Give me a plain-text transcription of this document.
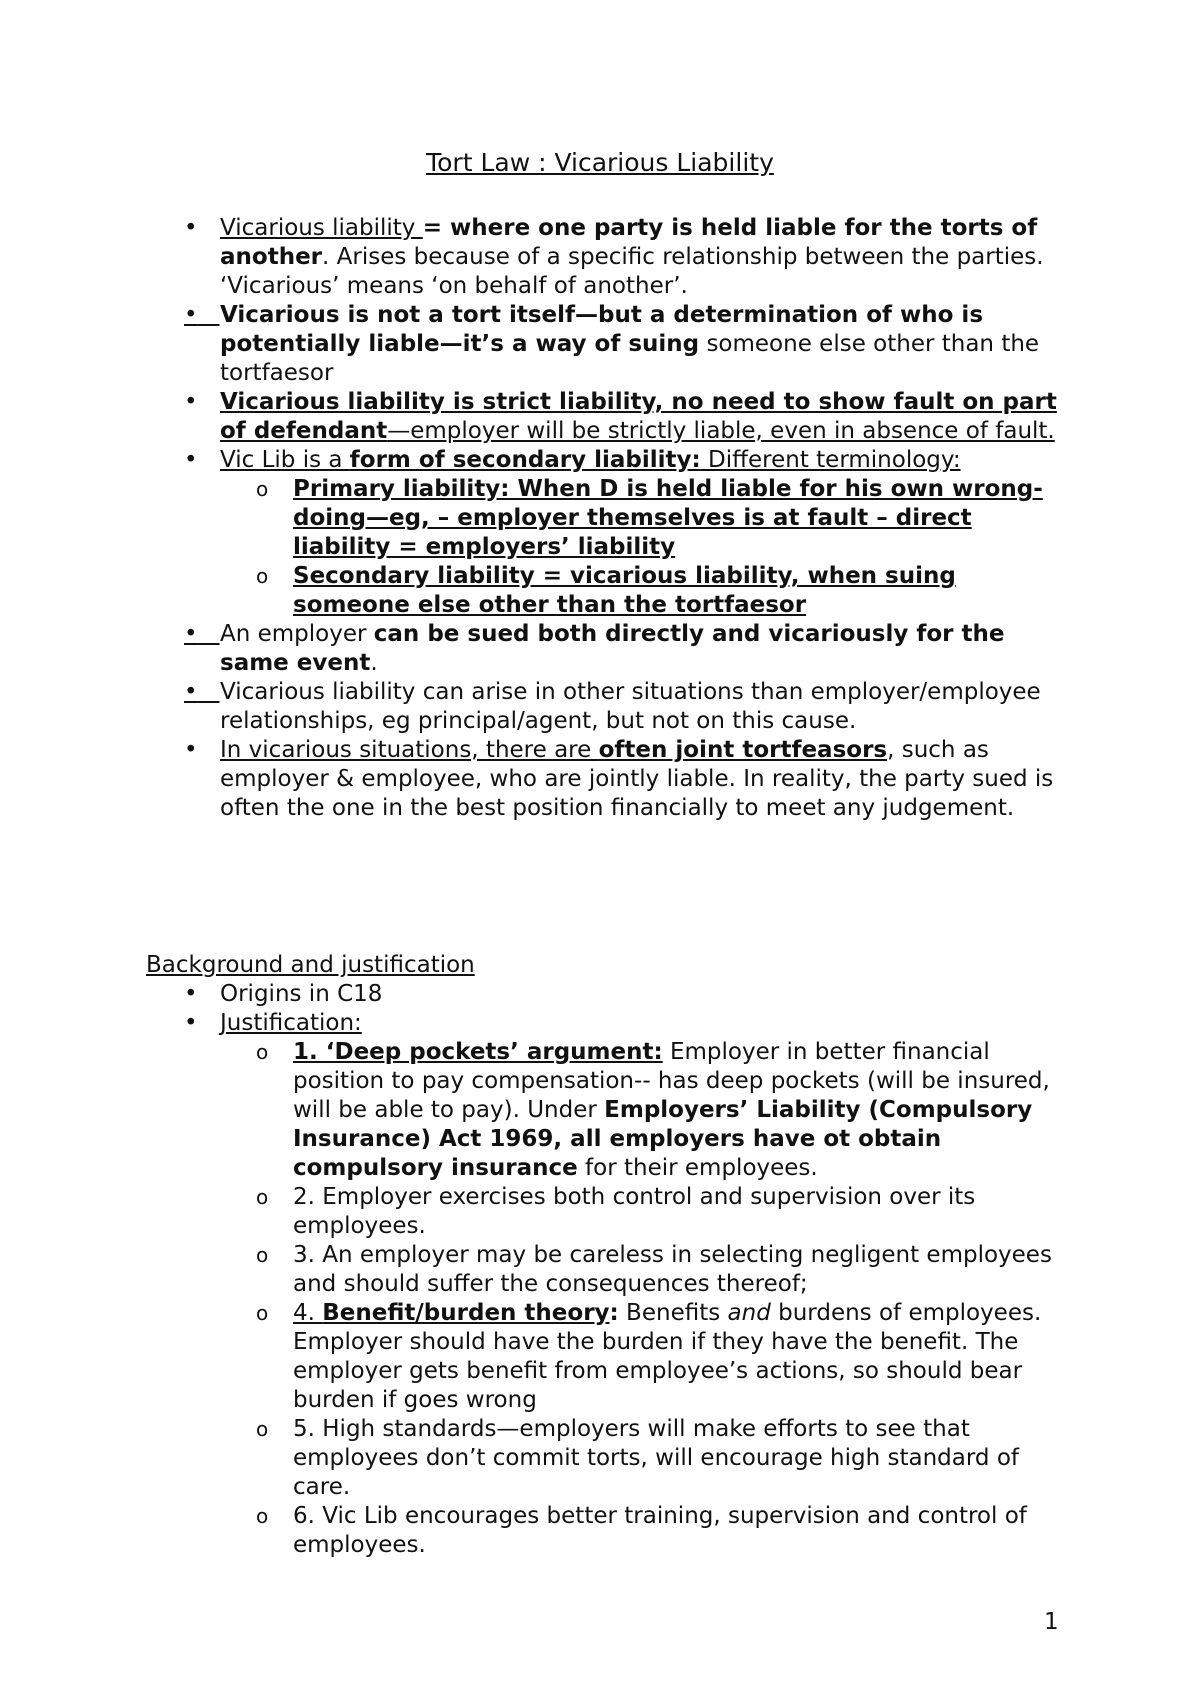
Tort Law : Vicarious Liability
• Vicarious liability = where one party is held liable for the torts of another. Arises because of a specific relationship between the parties. ‘Vicarious’ means ‘on behalf of another’.
• Vicarious is not a tort itself—but a determination of who is potentially liable—it’s a way of suing someone else other than the tortfaesor
• Vicarious liability is strict liability, no need to show fault on part of defendant—employer will be strictly liable, even in absence of fault.
• Vic Lib is a form of secondary liability: Different terminology:
o Primary liability: When D is held liable for his own wrong-doing—eg, – employer themselves is at fault – direct liability = employers’ liability
o Secondary liability = vicarious liability, when suing someone else other than the tortfaesor
• An employer can be sued both directly and vicariously for the same event.
• Vicarious liability can arise in other situations than employer/employee relationships, eg principal/agent, but not on this cause.
• In vicarious situations, there are often joint tortfeasors, such as employer & employee, who are jointly liable. In reality, the party sued is often the one in the best position financially to meet any judgement.
Background and justification
• Origins in C18
• Justification:
o 1. ‘Deep pockets’ argument: Employer in better financial position to pay compensation-- has deep pockets (will be insured, will be able to pay). Under Employers’ Liability (Compulsory Insurance) Act 1969, all employers have ot obtain compulsory insurance for their employees.
o 2. Employer exercises both control and supervision over its employees.
o 3. An employer may be careless in selecting negligent employees and should suffer the consequences thereof;
o 4. Benefit/burden theory: Benefits and burdens of employees. Employer should have the burden if they have the benefit. The employer gets benefit from employee’s actions, so should bear burden if goes wrong
o 5. High standards—employers will make efforts to see that employees don’t commit torts, will encourage high standard of care.
o 6. Vic Lib encourages better training, supervision and control of employees.
1
